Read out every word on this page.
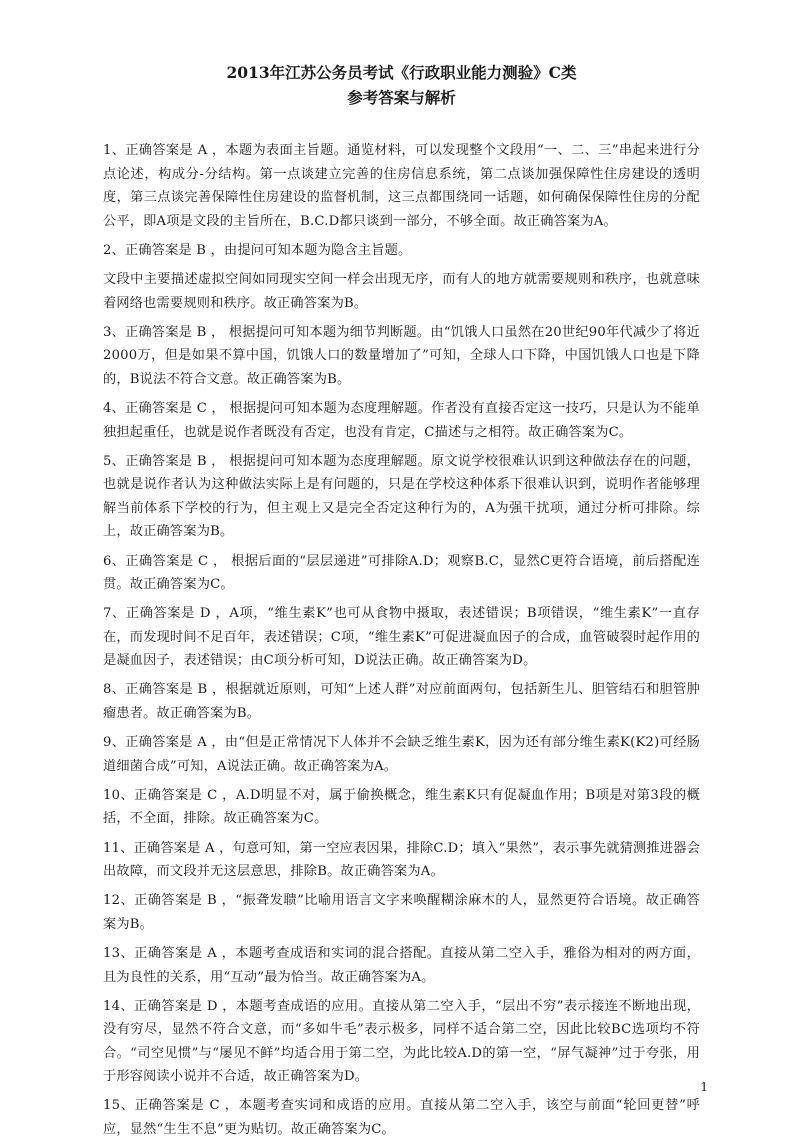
2013年江苏公务员考试《行政职业能力测验》C类
参考答案与解析

1、正确答案是 A ，本题为表面主旨题。通览材料，可以发现整个文段用“一、二、三”串起来进行分点论述，构成分-分结构。第一点谈建立完善的住房信息系统，第二点谈加强保障性住房建设的透明度，第三点谈完善保障性住房建设的监督机制，这三点都围绕同一话题，如何确保保障性住房的分配公平，即A项是文段的主旨所在，B.C.D都只谈到一部分，不够全面。故正确答案为A。

2、正确答案是 B ，由提问可知本题为隐含主旨题。

文段中主要描述虚拟空间如同现实空间一样会出现无序，而有人的地方就需要规则和秩序，也就意味着网络也需要规则和秩序。故正确答案为B。

3、正确答案是 B ， 根据提问可知本题为细节判断题。由“饥饿人口虽然在20世纪90年代减少了将近2000万，但是如果不算中国，饥饿人口的数量增加了”可知，全球人口下降，中国饥饿人口也是下降的，B说法不符合文意。故正确答案为B。

4、正确答案是 C ， 根据提问可知本题为态度理解题。作者没有直接否定这一技巧，只是认为不能单独担起重任，也就是说作者既没有否定，也没有肯定，C描述与之相符。故正确答案为C。

5、正确答案是 B ， 根据提问可知本题为态度理解题。原文说学校很难认识到这种做法存在的问题，也就是说作者认为这种做法实际上是有问题的，只是在学校这种体系下很难认识到，说明作者能够理解当前体系下学校的行为，但主观上又是完全否定这种行为的，A为强干扰项，通过分析可排除。综上，故正确答案为B。

6、正确答案是 C ， 根据后面的“层层递进”可排除A.D；观察B.C，显然C更符合语境，前后搭配连贯。故正确答案为C。

7、正确答案是 D ，A项，“维生素K”也可从食物中摄取，表述错误；B项错误，“维生素K”一直存在，而发现时间不足百年，表述错误；C项，“维生素K”可促进凝血因子的合成，血管破裂时起作用的是凝血因子，表述错误；由C项分析可知，D说法正确。故正确答案为D。

8、正确答案是 B ，根据就近原则，可知“上述人群”对应前面两句，包括新生儿、胆管结石和胆管肿瘤患者。故正确答案为B。

9、正确答案是 A ，由“但是正常情况下人体并不会缺乏维生素K，因为还有部分维生素K(K2)可经肠道细菌合成”可知，A说法正确。故正确答案为A。

10、正确答案是 C ，A.D明显不对，属于偷换概念，维生素K只有促凝血作用；B项是对第3段的概括，不全面，排除。故正确答案为C。

11、正确答案是 A ，句意可知，第一空应表因果，排除C.D；填入“果然”，表示事先就猜测推进器会出故障，而文段并无这层意思，排除B。故正确答案为A。

12、正确答案是 B ，“振聋发聩”比喻用语言文字来唤醒糊涂麻木的人，显然更符合语境。故正确答案为B。

13、正确答案是 A ，本题考查成语和实词的混合搭配。直接从第二空入手，雅俗为相对的两方面，且为良性的关系，用“互动”最为恰当。故正确答案为A。

14、正确答案是 D ，本题考查成语的应用。直接从第二空入手，“层出不穷”表示接连不断地出现，没有穷尽，显然不符合文意，而“多如牛毛”表示极多，同样不适合第二空，因此比较BC选项均不符合。“司空见惯”与“屡见不鲜”均适合用于第二空，为此比较A.D的第一空，“屏气凝神”过于夸张，用于形容阅读小说并不合适，故正确答案为D。

15、正确答案是 C ，本题考查实词和成语的应用。直接从第二空入手，该空与前面“轮回更替”呼应，显然“生生不息”更为贴切。故正确答案为C。

1
